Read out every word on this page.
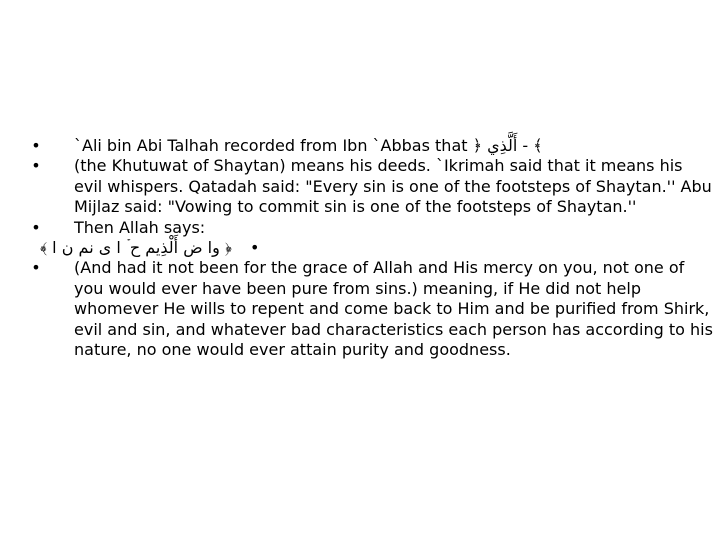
• `Ali bin Abi Talhah recorded from Ibn `Abbas that ﴿ أَلَّذِي - ﴾
• (the Khutuwat of Shaytan) means his deeds. `Ikrimah said that it means his evil whispers. Qatadah said: "Every sin is one of the footsteps of Shaytan.'' Abu Mijlaz said: "Vowing to commit sin is one of the footsteps of Shaytan.''
• Then Allah says:
﴿ وا ض أَلْذِيم ح ۡ ا ى نم ن ا ﴾ •
• (And had it not been for the grace of Allah and His mercy on you, not one of you would ever have been pure from sins.) meaning, if He did not help whomever He wills to repent and come back to Him and be purified from Shirk, evil and sin, and whatever bad characteristics each person has according to his nature, no one would ever attain purity and goodness.
